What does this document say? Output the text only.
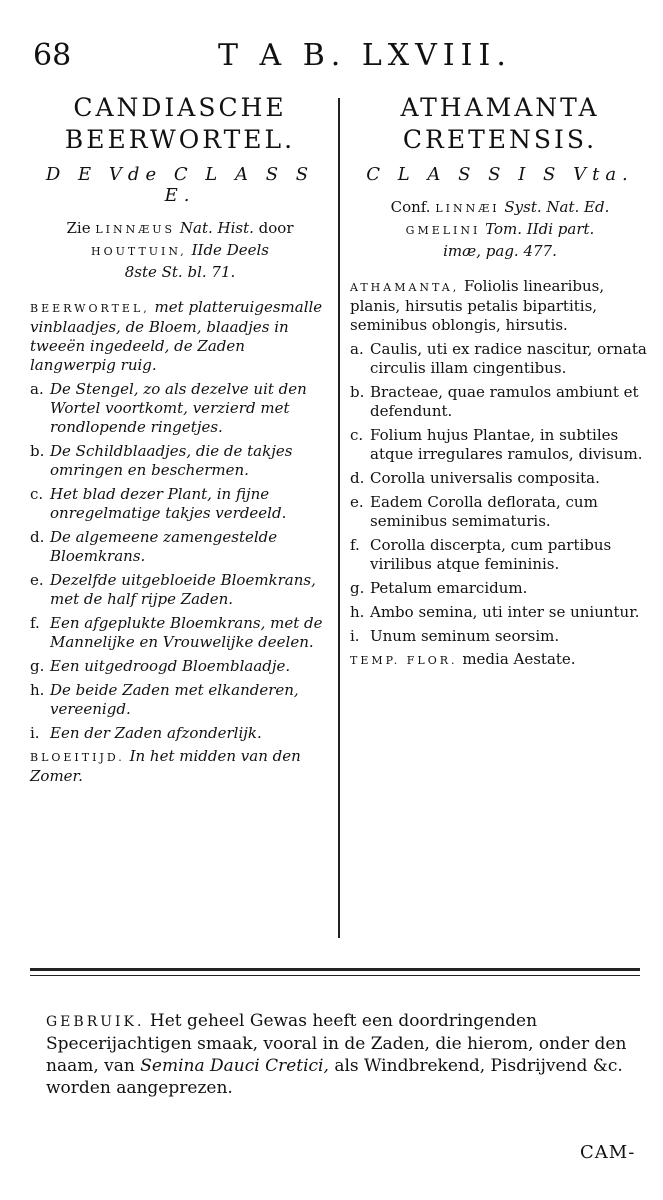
68	T A B. LXVIII.
CANDIASCHE
BEERWORTEL.
D E Vde C L A S S E.
Zie LINNÆUS Nat. Hist. door
HOUTTUIN, IIde Deels
8ste St. bl. 71.
BEERWORTEL, met platteruigesmalle vinblaadjes, de Bloem, blaadjes in tweeën ingedeeld, de Zaden langwerpig ruig.
a. De Stengel, zo als dezelve uit den Wortel voortkomt, verzierd met rondlopende ringetjes.
b. De Schildblaadjes, die de takjes omringen en beschermen.
c. Het blad dezer Plant, in fijne onregelmatige takjes verdeeld.
d. De algemeene zamengestelde Bloemkrans.
e. Dezelfde uitgebloeide Bloemkrans, met de half rijpe Zaden.
f. Een afgeplukte Bloemkrans, met de Mannelijke en Vrouwelijke deelen.
g. Een uitgedroogd Bloemblaadje.
h. De beide Zaden met elkanderen, vereenigd.
i. Een der Zaden afzonderlijk.
BLOEITIJD. In het midden van den Zomer.
ATHAMANTA
CRETENSIS.
C L A S S I S Vta.
Conf. LINNÆI Syst. Nat. Ed.
GMELINI Tom. IIdi part.
imæ, pag. 477.
ATHAMANTA, Foliolis linearibus, planis, hirsutis petalis bipartitis, seminibus oblongis, hirsutis.
a. Caulis, uti ex radice nascitur, ornata circulis illam cingentibus.
b. Bracteae, quae ramulos ambiunt et defendunt.
c. Folium hujus Plantae, in subtiles atque irregulares ramulos, divisum.
d. Corolla universalis composita.
e. Eadem Corolla deflorata, cum seminibus semimaturis.
f. Corolla discerpta, cum partibus virilibus atque femininis.
g. Petalum emarcidum.
h. Ambo semina, uti inter se uniuntur.
i. Unum seminum seorsim.
TEMP. FLOR. media Aestate.
GEBRUIK. Het geheel Gewas heeft een doordringenden Specerijachtigen smaak, vooral in de Zaden, die hierom, onder den naam, van Semina Dauci Cretici, als Windbrekend, Pisdrijvend &c. worden aangeprezen.
CAM-
